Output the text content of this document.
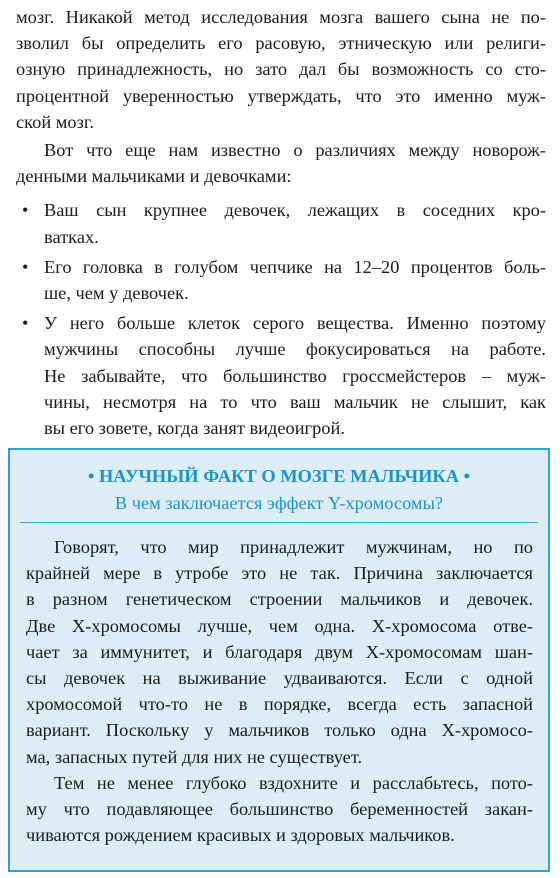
мозг. Никакой метод исследования мозга вашего сына не по-
зволил бы определить его расовую, этническую или религи-
озную принадлежность, но зато дал бы возможность со сто-
процентной уверенностью утверждать, что это именно муж-
ской мозг.
Вот что еще нам известно о различиях между новорож-
денными мальчиками и девочками:
• Ваш сын крупнее девочек, лежащих в соседних кро-
ватках.
• Его головка в голубом чепчике на 12–20 процентов боль-
ше, чем у девочек.
• У него больше клеток серого вещества. Именно поэтому
мужчины способны лучше фокусироваться на работе.
Не забывайте, что большинство гроссмейстеров – муж-
чины, несмотря на то что ваш мальчик не слышит, как
вы его зовете, когда занят видеоигрой.
• НАУЧНЫЙ ФАКТ О МОЗГЕ МАЛЬЧИКА •
В чем заключается эффект Y-хромосомы?
Говорят, что мир принадлежит мужчинам, но по
крайней мере в утробе это не так. Причина заключается
в разном генетическом строении мальчиков и девочек.
Две X-хромосомы лучше, чем одна. X-хромосома отве-
чает за иммунитет, и благодаря двум X-хромосомам шан-
сы девочек на выживание удваиваются. Если с одной
хромосомой что-то не в порядке, всегда есть запасной
вариант. Поскольку у мальчиков только одна X-хромосо-
ма, запасных путей для них не существует.
Тем не менее глубоко вздохните и расслабьтесь, пото-
му что подавляющее большинство беременностей закан-
чиваются рождением красивых и здоровых мальчиков.
